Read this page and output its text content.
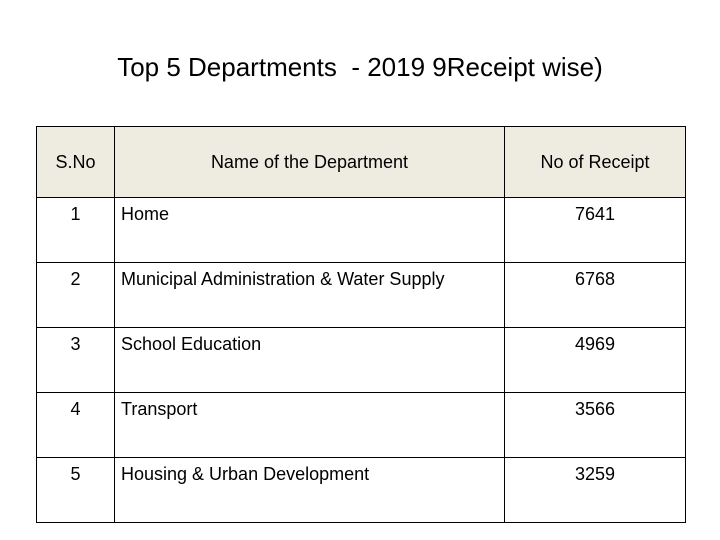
Top 5 Departments  - 2019 9Receipt wise)
S.No	Name of the Department	No of Receipt
1	Home	7641
2	Municipal Administration & Water Supply	6768
3	School Education	4969
4	Transport	3566
5	Housing & Urban Development	3259
